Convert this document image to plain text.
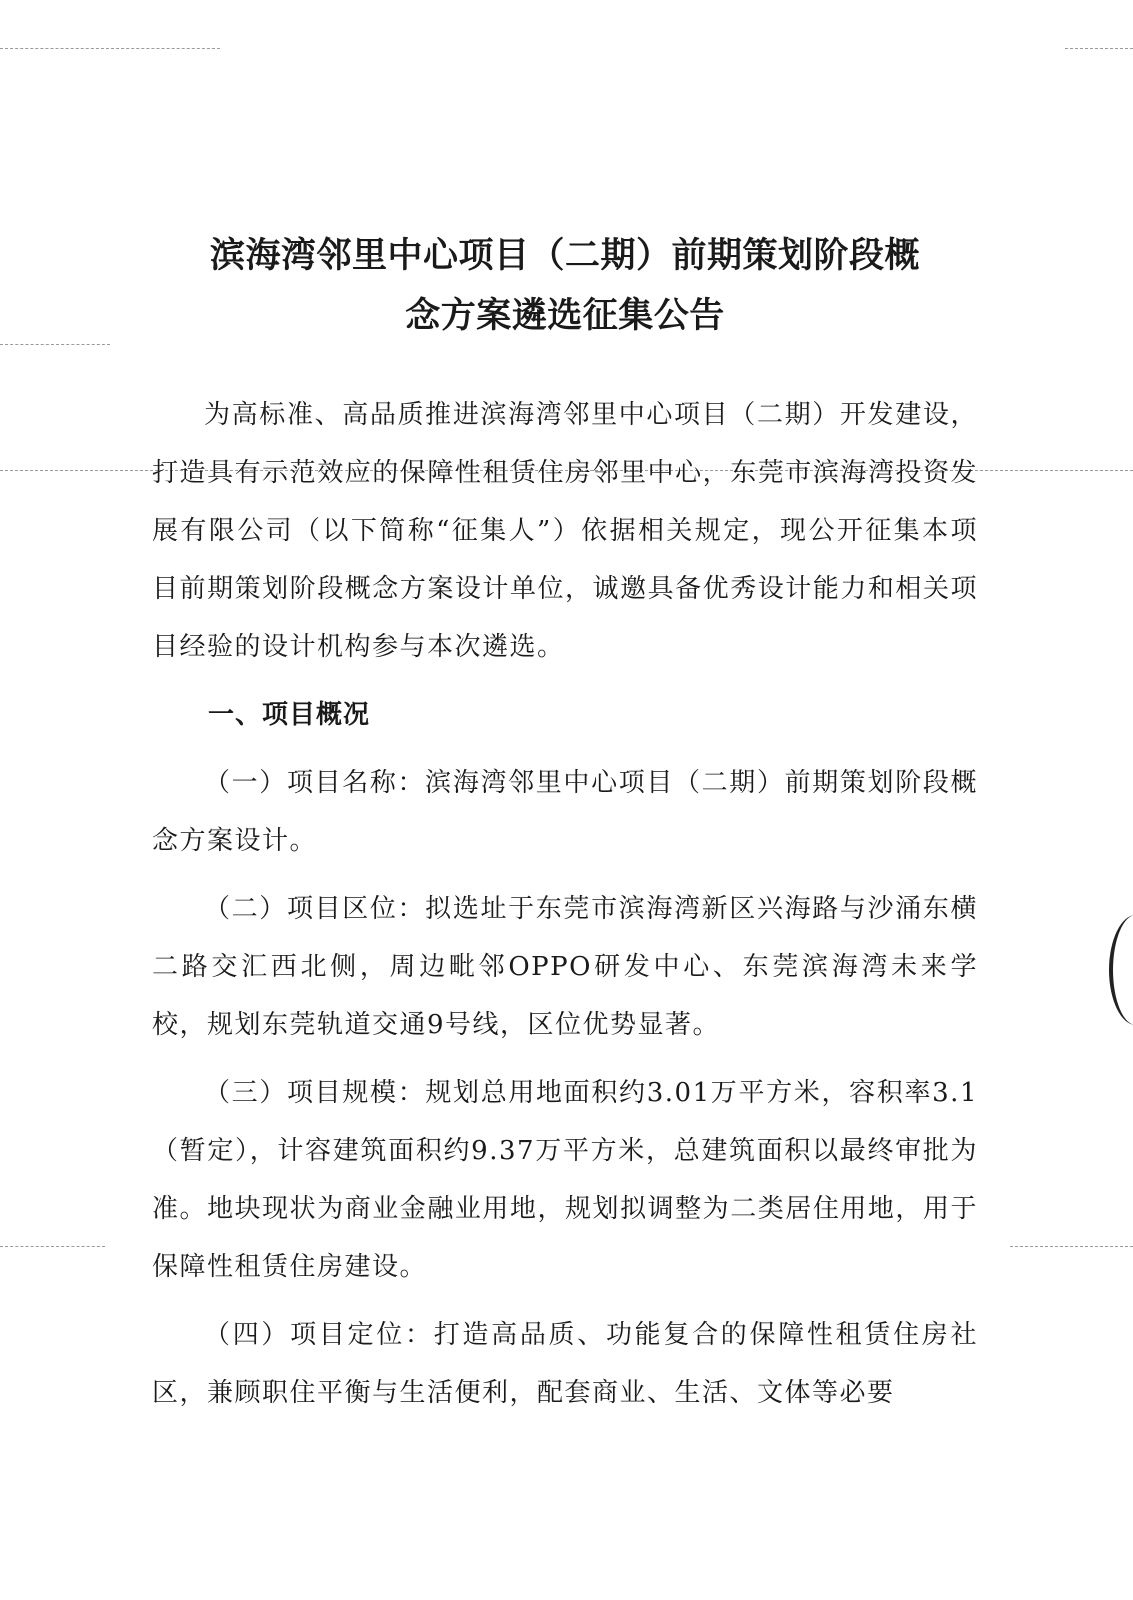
滨海湾邻里中心项目（二期）前期策划阶段概
念方案遴选征集公告

为高标准、高品质推进滨海湾邻里中心项目（二期）开发建设，打造具有示范效应的保障性租赁住房邻里中心，东莞市滨海湾投资发展有限公司（以下简称“征集人”）依据相关规定，现公开征集本项目前期策划阶段概念方案设计单位，诚邀具备优秀设计能力和相关项目经验的设计机构参与本次遴选。

一、项目概况

（一）项目名称：滨海湾邻里中心项目（二期）前期策划阶段概念方案设计。

（二）项目区位：拟选址于东莞市滨海湾新区兴海路与沙涌东横二路交汇西北侧，周边毗邻OPPO研发中心、东莞滨海湾未来学校，规划东莞轨道交通9号线，区位优势显著。

（三）项目规模：规划总用地面积约3.01万平方米，容积率3.1（暂定），计容建筑面积约9.37万平方米，总建筑面积以最终审批为准。地块现状为商业金融业用地，规划拟调整为二类居住用地，用于保障性租赁住房建设。

（四）项目定位：打造高品质、功能复合的保障性租赁住房社区，兼顾职住平衡与生活便利，配套商业、生活、文体等必要
